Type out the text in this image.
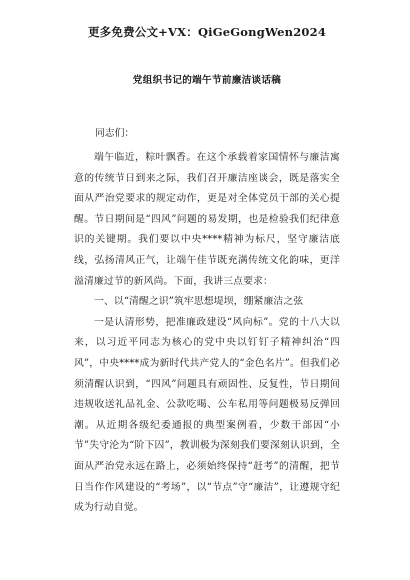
更多免费公文+VX：QiGeGongWen2024
党组织书记的端午节前廉洁谈话稿
同志们：

端午临近，粽叶飘香。在这个承载着家国情怀与廉洁寓意的传统节日到来之际，我们召开廉洁座谈会，既是落实全面从严治党要求的规定动作，更是对全体党员干部的关心提醒。节日期间是“四风”问题的易发期，也是检验我们纪律意识的关键期。我们要以中央****精神为标尺，坚守廉洁底线，弘扬清风正气，让端午佳节既充满传统文化韵味，更洋溢清廉过节的新风尚。下面，我讲三点要求：

一、以“清醒之识”筑牢思想堤坝，绷紧廉洁之弦

一是认清形势，把准廉政建设“风向标”。党的十八大以来，以习近平同志为核心的党中央以钉钉子精神纠治“四风”，中央****成为新时代共产党人的“金色名片”。但我们必须清醒认识到，“四风”问题具有顽固性、反复性，节日期间违规收送礼品礼金、公款吃喝、公车私用等问题极易反弹回潮。从近期各级纪委通报的典型案例看，少数干部因“小节”失守沦为“阶下囚”，教训极为深刻我们要深刻认识到，全面从严治党永远在路上，必须始终保持“赶考”的清醒，把节日当作作风建设的“考场”，以“节点”守“廉洁”，让遵规守纪成为行动自觉。
